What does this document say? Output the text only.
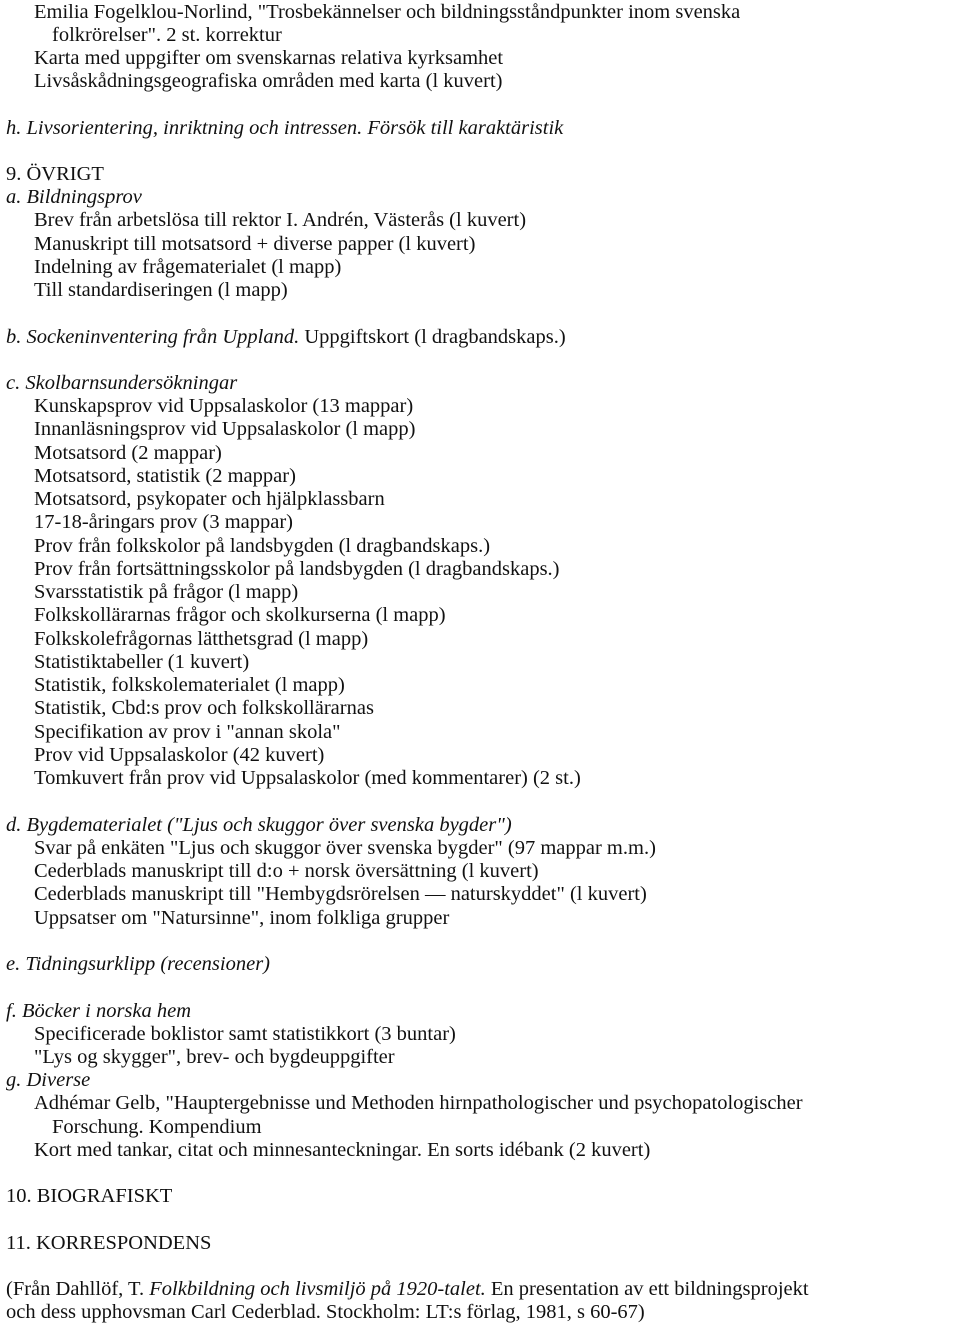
Emilia Fogelklou-Norlind, "Trosbekännelser och bildningsståndpunkter inom svenska
folkrörelser". 2 st. korrektur
Karta med uppgifter om svenskarnas relativa kyrksamhet
Livsåskådningsgeografiska områden med karta (l kuvert)
h. Livsorientering, inriktning och intressen. Försök till karaktäristik
9. ÖVRIGT
a. Bildningsprov
Brev från arbetslösa till rektor I. Andrén, Västerås (l kuvert)
Manuskript till motsatsord + diverse papper (l kuvert)
Indelning av frågematerialet (l mapp)
Till standardiseringen (l mapp)
b. Sockeninventering från Uppland. Uppgiftskort (l dragbandskaps.)
c. Skolbarnsundersökningar
Kunskapsprov vid Uppsalaskolor (13 mappar)
Innanläsningsprov vid Uppsalaskolor (l mapp)
Motsatsord (2 mappar)
Motsatsord, statistik (2 mappar)
Motsatsord, psykopater och hjälpklassbarn
17-18-åringars prov (3 mappar)
Prov från folkskolor på landsbygden (l dragbandskaps.)
Prov från fortsättningsskolor på landsbygden (l dragbandskaps.)
Svarsstatistik på frågor (l mapp)
Folkskollärarnas frågor och skolkurserna (l mapp)
Folkskolefrågornas lätthetsgrad (l mapp)
Statistiktabeller (1 kuvert)
Statistik, folkskolematerialet (l mapp)
Statistik, Cbd:s prov och folkskollärarnas
Specifikation av prov i "annan skola"
Prov vid Uppsalaskolor (42 kuvert)
Tomkuvert från prov vid Uppsalaskolor (med kommentarer) (2 st.)
d. Bygdematerialet ("Ljus och skuggor över svenska bygder")
Svar på enkäten "Ljus och skuggor över svenska bygder" (97 mappar m.m.)
Cederblads manuskript till d:o + norsk översättning (l kuvert)
Cederblads manuskript till "Hembygdsrörelsen — naturskyddet" (l kuvert)
Uppsatser om "Natursinne", inom folkliga grupper
e. Tidningsurklipp (recensioner)
f. Böcker i norska hem
Specificerade boklistor samt statistikkort (3 buntar)
"Lys og skygger", brev- och bygdeuppgifter
g. Diverse
Adhémar Gelb, "Hauptergebnisse und Methoden hirnpathologischer und psychopatologischer
Forschung. Kompendium
Kort med tankar, citat och minnesanteckningar. En sorts idébank (2 kuvert)
10. BIOGRAFISKT
11. KORRESPONDENS
(Från Dahllöf, T. Folkbildning och livsmiljö på 1920-talet. En presentation av ett bildningsprojekt
och dess upphovsman Carl Cederblad. Stockholm: LT:s förlag, 1981, s 60-67)
